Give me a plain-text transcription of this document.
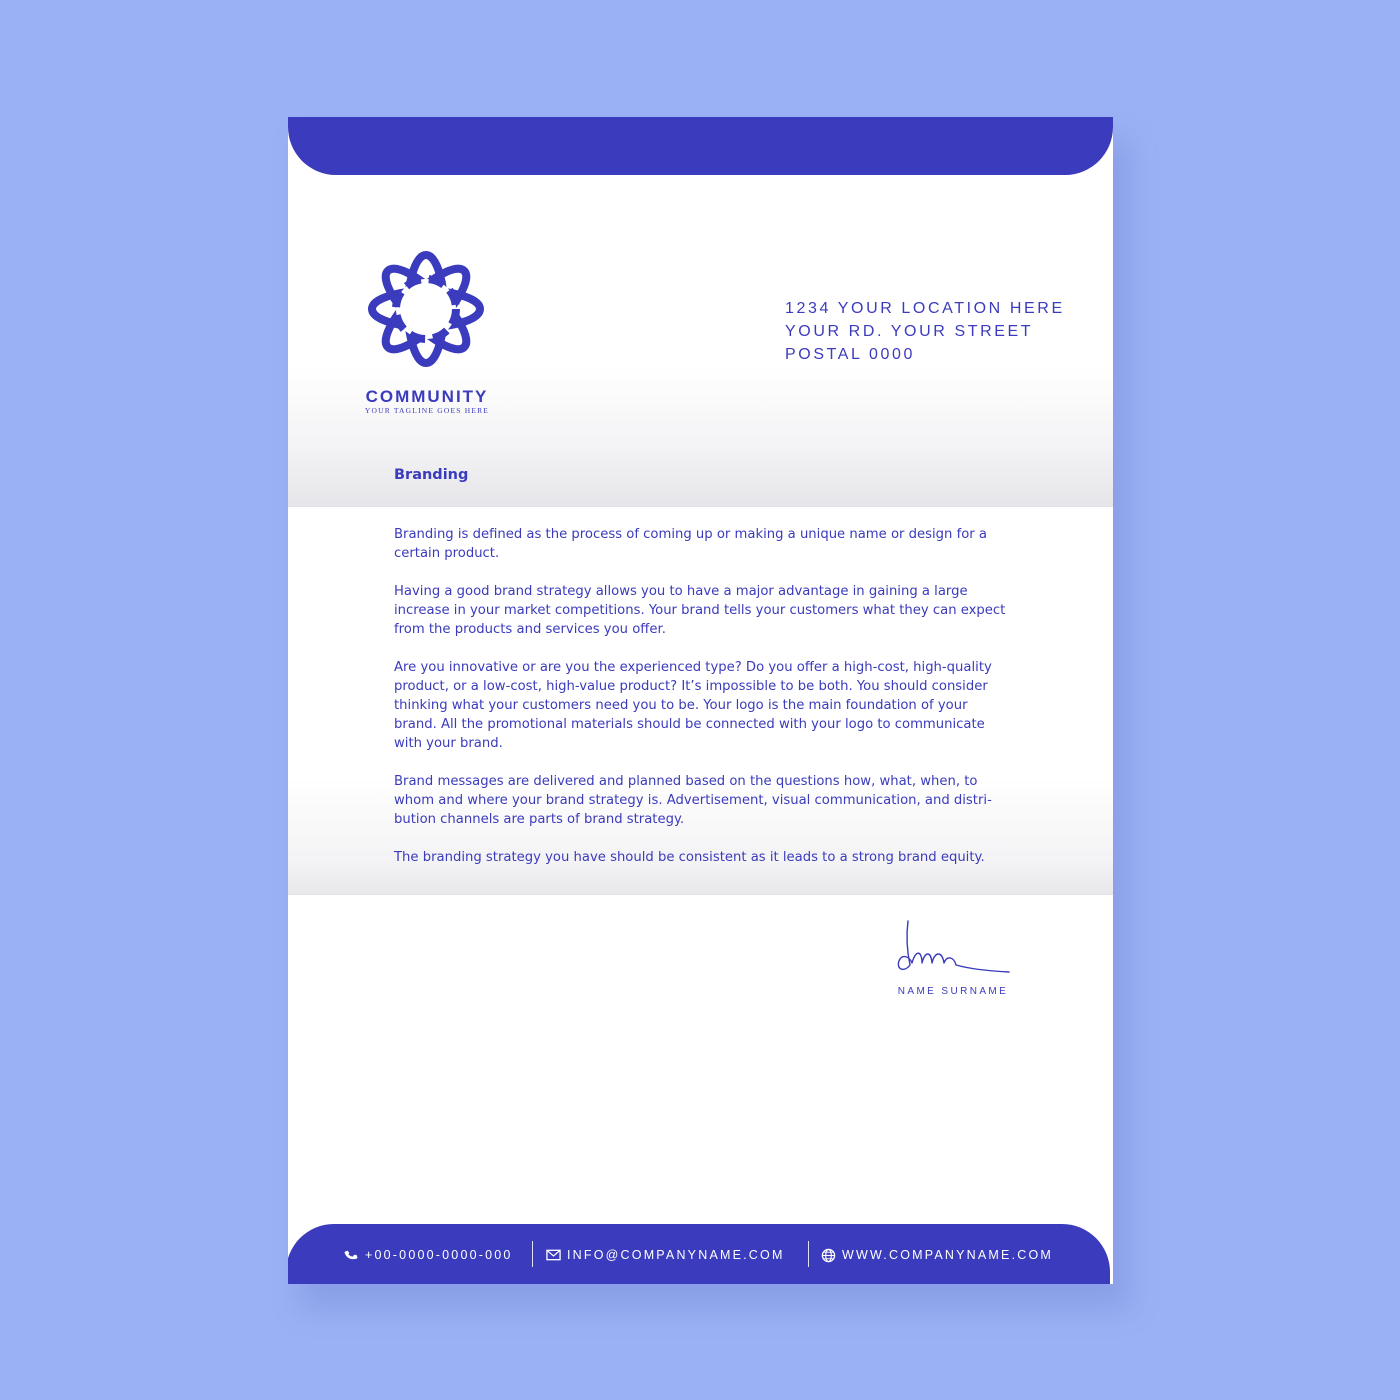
COMMUNITY
YOUR TAGLINE GOES HERE
1234 YOUR LOCATION HERE
YOUR RD. YOUR STREET
POSTAL 0000
Branding

Branding is defined as the process of coming up or making a unique name or design for a certain product.

Having a good brand strategy allows you to have a major advantage in gaining a large increase in your market competitions. Your brand tells your customers what they can expect from the products and services you offer.

Are you innovative or are you the experienced type? Do you offer a high-cost, high-quality product, or a low-cost, high-value product? It’s impossible to be both. You should consider thinking what your customers need you to be. Your logo is the main foundation of your brand. All the promotional materials should be connected with your logo to communicate with your brand.

Brand messages are delivered and planned based on the questions how, what, when, to whom and where your brand strategy is. Advertisement, visual communication, and distribution channels are parts of brand strategy.

The branding strategy you have should be consistent as it leads to a strong brand equity.

NAME SURNAME
+00-0000-0000-000	INFO@COMPANYNAME.COM	WWW.COMPANYNAME.COM
